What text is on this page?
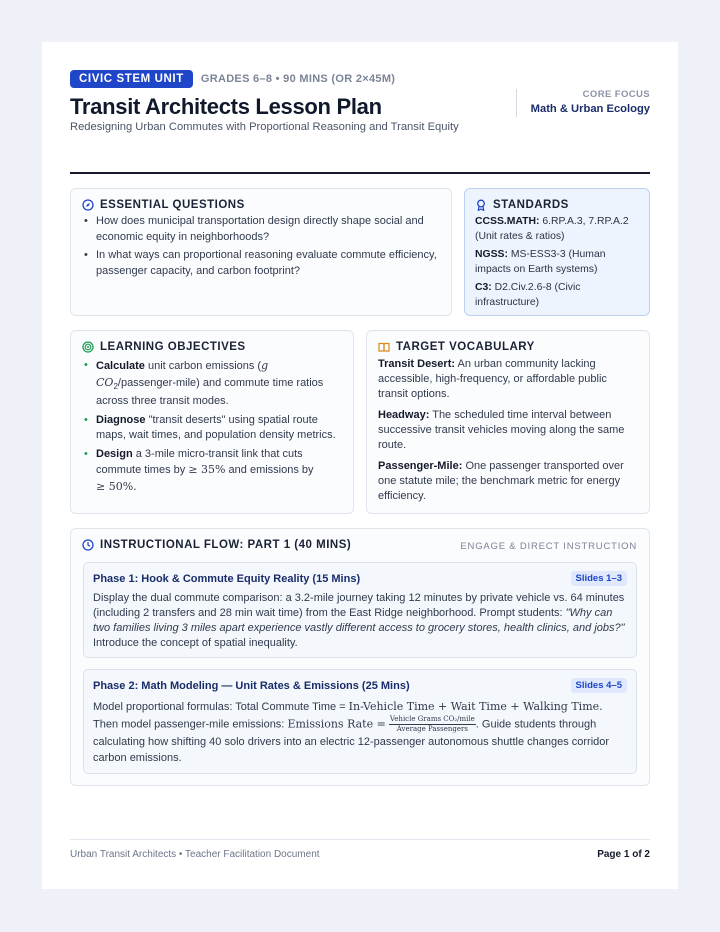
CIVIC STEM UNIT	GRADES 6–8 • 90 MINS (OR 2×45M)
Transit Architects Lesson Plan
Redesigning Urban Commutes with Proportional Reasoning and Transit Equity
CORE FOCUS
Math & Urban Ecology
ESSENTIAL QUESTIONS
• How does municipal transportation design directly shape social and economic equity in neighborhoods?
• In what ways can proportional reasoning evaluate commute efficiency, passenger capacity, and carbon footprint?
STANDARDS

CCSS.MATH: 6.RP.A.3, 7.RP.A.2 (Unit rates & ratios)

NGSS: MS-ESS3-3 (Human impacts on Earth systems)

C3: D2.Civ.2.6-8 (Civic infrastructure)

LEARNING OBJECTIVES
• Calculate unit carbon emissions (g
$CO_2/passenger-mile$) and commute time ratios across three transit modes.
• Diagnose "transit deserts" using spatial route maps, wait times, and population density metrics.
• Design a 3-mile micro-transit link that cuts commute times by ≥ 35% and emissions by
≥ 50%.
TARGET VOCABULARY

Transit Desert: An urban community lacking accessible, high-frequency, or affordable public transit options.

Headway: The scheduled time interval between successive transit vehicles moving along the same route.

Passenger-Mile: One passenger transported over one statute mile; the benchmark metric for energy efficiency.

INSTRUCTIONAL FLOW: PART 1 (40 MINS)	ENGAGE & DIRECT INSTRUCTION
Phase 1: Hook & Commute Equity Reality (15 Mins)	Slides 1–3
Display the dual commute comparison: a 3.2-mile journey taking 12 minutes by private vehicle vs. 64 minutes (including 2 transfers and 28 min wait time) from the East Ridge neighborhood. Prompt students: "Why can two families living 3 miles apart experience vastly different access to grocery stores, health clinics, and jobs?" Introduce the concept of spatial inequality.
Phase 2: Math Modeling — Unit Rates & Emissions (25 Mins)	Slides 4–5
Model proportional formulas: Total Commute Time = In-Vehicle Time + Wait Time + Walking Time.
Then model passenger-mile emissions: Emissions Rate = $\frac{\text{Vehicle Grams CO₂/mile}}{\text{Average Passengers}}$ . Guide students through calculating how shifting 40 solo drivers into an electric 12-passenger autonomous shuttle changes corridor carbon emissions.
Urban Transit Architects • Teacher Facilitation Document	Page 1 of 2
